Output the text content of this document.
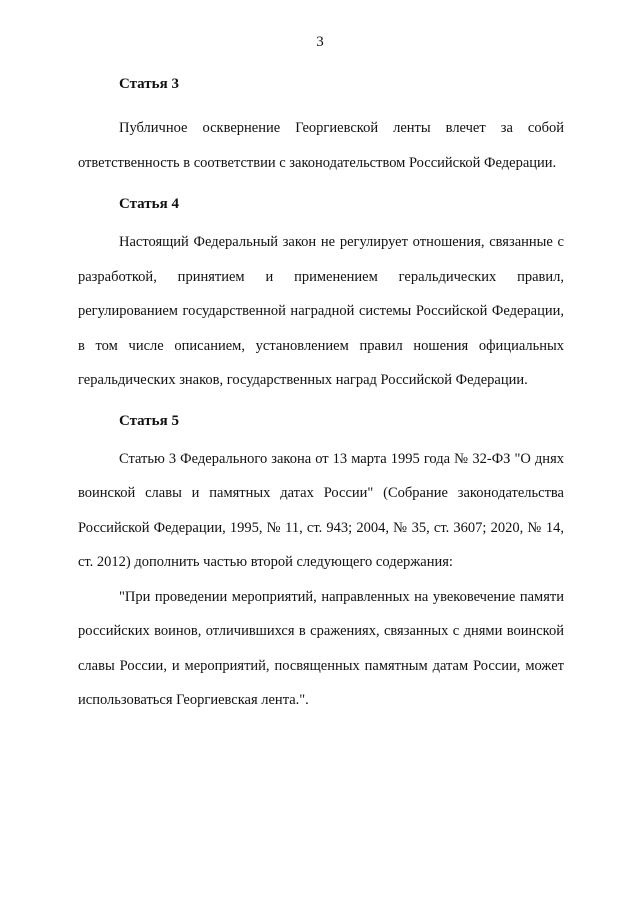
3
Статья 3

Публичное осквернение Георгиевской ленты влечет за собой ответственность в соответствии с законодательством Российской Федерации.

Статья 4

Настоящий Федеральный закон не регулирует отношения, связанные с разработкой, принятием и применением геральдических правил, регулированием государственной наградной системы Российской Федерации, в том числе описанием, установлением правил ношения официальных геральдических знаков, государственных наград Российской Федерации.

Статья 5

Статью 3 Федерального закона от 13 марта 1995 года № 32-ФЗ "О днях воинской славы и памятных датах России" (Собрание законодательства Российской Федерации, 1995, № 11, ст. 943; 2004, № 35, ст. 3607; 2020, № 14, ст. 2012) дополнить частью второй следующего содержания:

"При проведении мероприятий, направленных на увековечение памяти российских воинов, отличившихся в сражениях, связанных с днями воинской славы России, и мероприятий, посвященных памятным датам России, может использоваться Георгиевская лента.".
